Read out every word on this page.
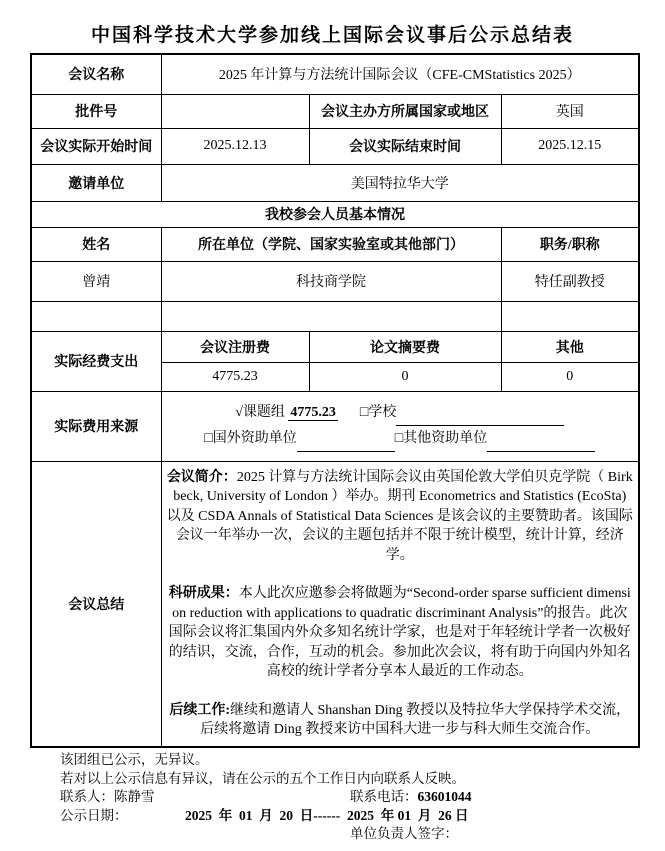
中国科学技术大学参加线上国际会议事后公示总结表
会议名称	2025 年计算与方法统计国际会议（CFE-CMStatistics 2025）		
批件号		会议主办方所属国家或地区	英国
会议实际开始时间	2025.12.13	会议实际结束时间	2025.12.15
邀请单位	美国特拉华大学		
我校参会人员基本情况			
姓名	所在单位（学院、国家实验室或其他部门）		职务/职称
曾靖	科技商学院		特任副教授

实际经费支出	会议注册费	论文摘要费	其他
	4775.23	0	0
实际费用来源	√课题组 4775.23 □学校
□国外资助单位 □其他资助单位		

会议总结	会议简介：2025 计算与方法统计国际会议由英国伦敦大学伯贝克学院（ Birkbeck, University of London ）举办。期刊 Econometrics and Statistics (EcoSta) 以及 CSDA Annals of Statistical Data Sciences 是该会议的主要赞助者。该国际会议一年举办一次，会议的主题包括并不限于统计模型，统计计算，经济学。

科研成果：本人此次应邀参会将做题为“Second-order sparse sufficient dimension reduction with applications to quadratic discriminant Analysis”的报告。此次国际会议将汇集国内外众多知名统计学家，也是对于年轻统计学者一次极好的结识，交流，合作，互动的机会。参加此次会议，将有助于向国内外知名高校的统计学者分享本人最近的工作动态。

后续工作:继续和邀请人 Shanshan Ding 教授以及特拉华大学保持学术交流，后续将邀请 Ding 教授来访中国科大进一步与科大师生交流合作。		

该团组已公示，无异议。
若对以上公示信息有异议，请在公示的五个工作日内向联系人反映。
联系人：陈静雪	联系电话：63601044

公示日期：	2025  年  01  月  20  日------  2025  年 01  月  26 日

单位负责人签字：
